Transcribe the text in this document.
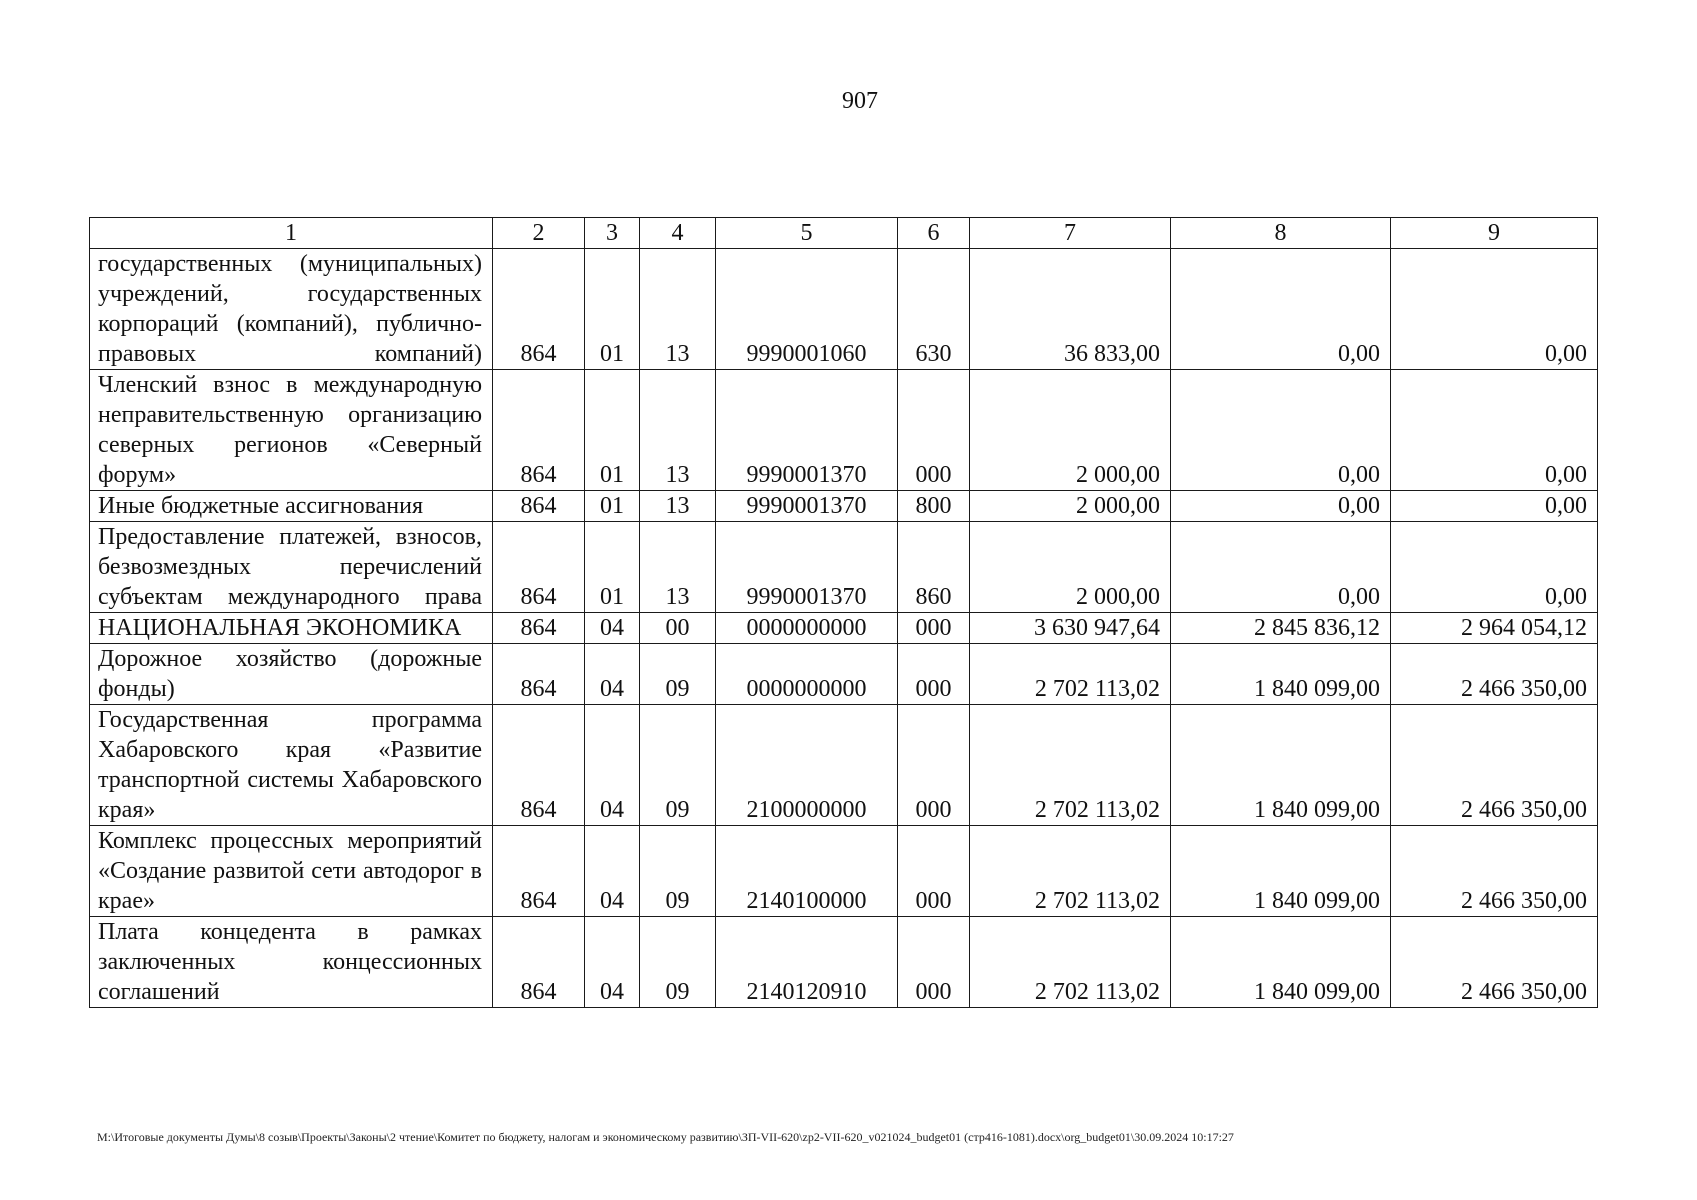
907
1	2	3	4	5	6	7	8	9
государственных (муниципальных) учреждений, государственных корпораций (компаний), публично-правовых компаний)	864	01	13	9990001060	630	36 833,00	0,00	0,00
Членский взнос в международную неправительственную организацию северных регионов «Северный форум»	864	01	13	9990001370	000	2 000,00	0,00	0,00
Иные бюджетные ассигнования	864	01	13	9990001370	800	2 000,00	0,00	0,00
Предоставление платежей, взносов, безвозмездных перечислений субъектам международного права	864	01	13	9990001370	860	2 000,00	0,00	0,00
НАЦИОНАЛЬНАЯ ЭКОНОМИКА	864	04	00	0000000000	000	3 630 947,64	2 845 836,12	2 964 054,12
Дорожное хозяйство (дорожные фонды)	864	04	09	0000000000	000	2 702 113,02	1 840 099,00	2 466 350,00
Государственная программа Хабаровского края «Развитие транспортной системы Хабаровского края»	864	04	09	2100000000	000	2 702 113,02	1 840 099,00	2 466 350,00
Комплекс процессных мероприятий «Создание развитой сети автодорог в крае»	864	04	09	2140100000	000	2 702 113,02	1 840 099,00	2 466 350,00
Плата концедента в рамках заключенных концессионных соглашений	864	04	09	2140120910	000	2 702 113,02	1 840 099,00	2 466 350,00
M:\Итоговые документы Думы\8 созыв\Проекты\Законы\2 чтение\Комитет по бюджету, налогам и экономическому развитию\ЗП-VII-620\zp2-VII-620_v021024_budget01 (стр416-1081).docx\org_budget01\30.09.2024 10:17:27
